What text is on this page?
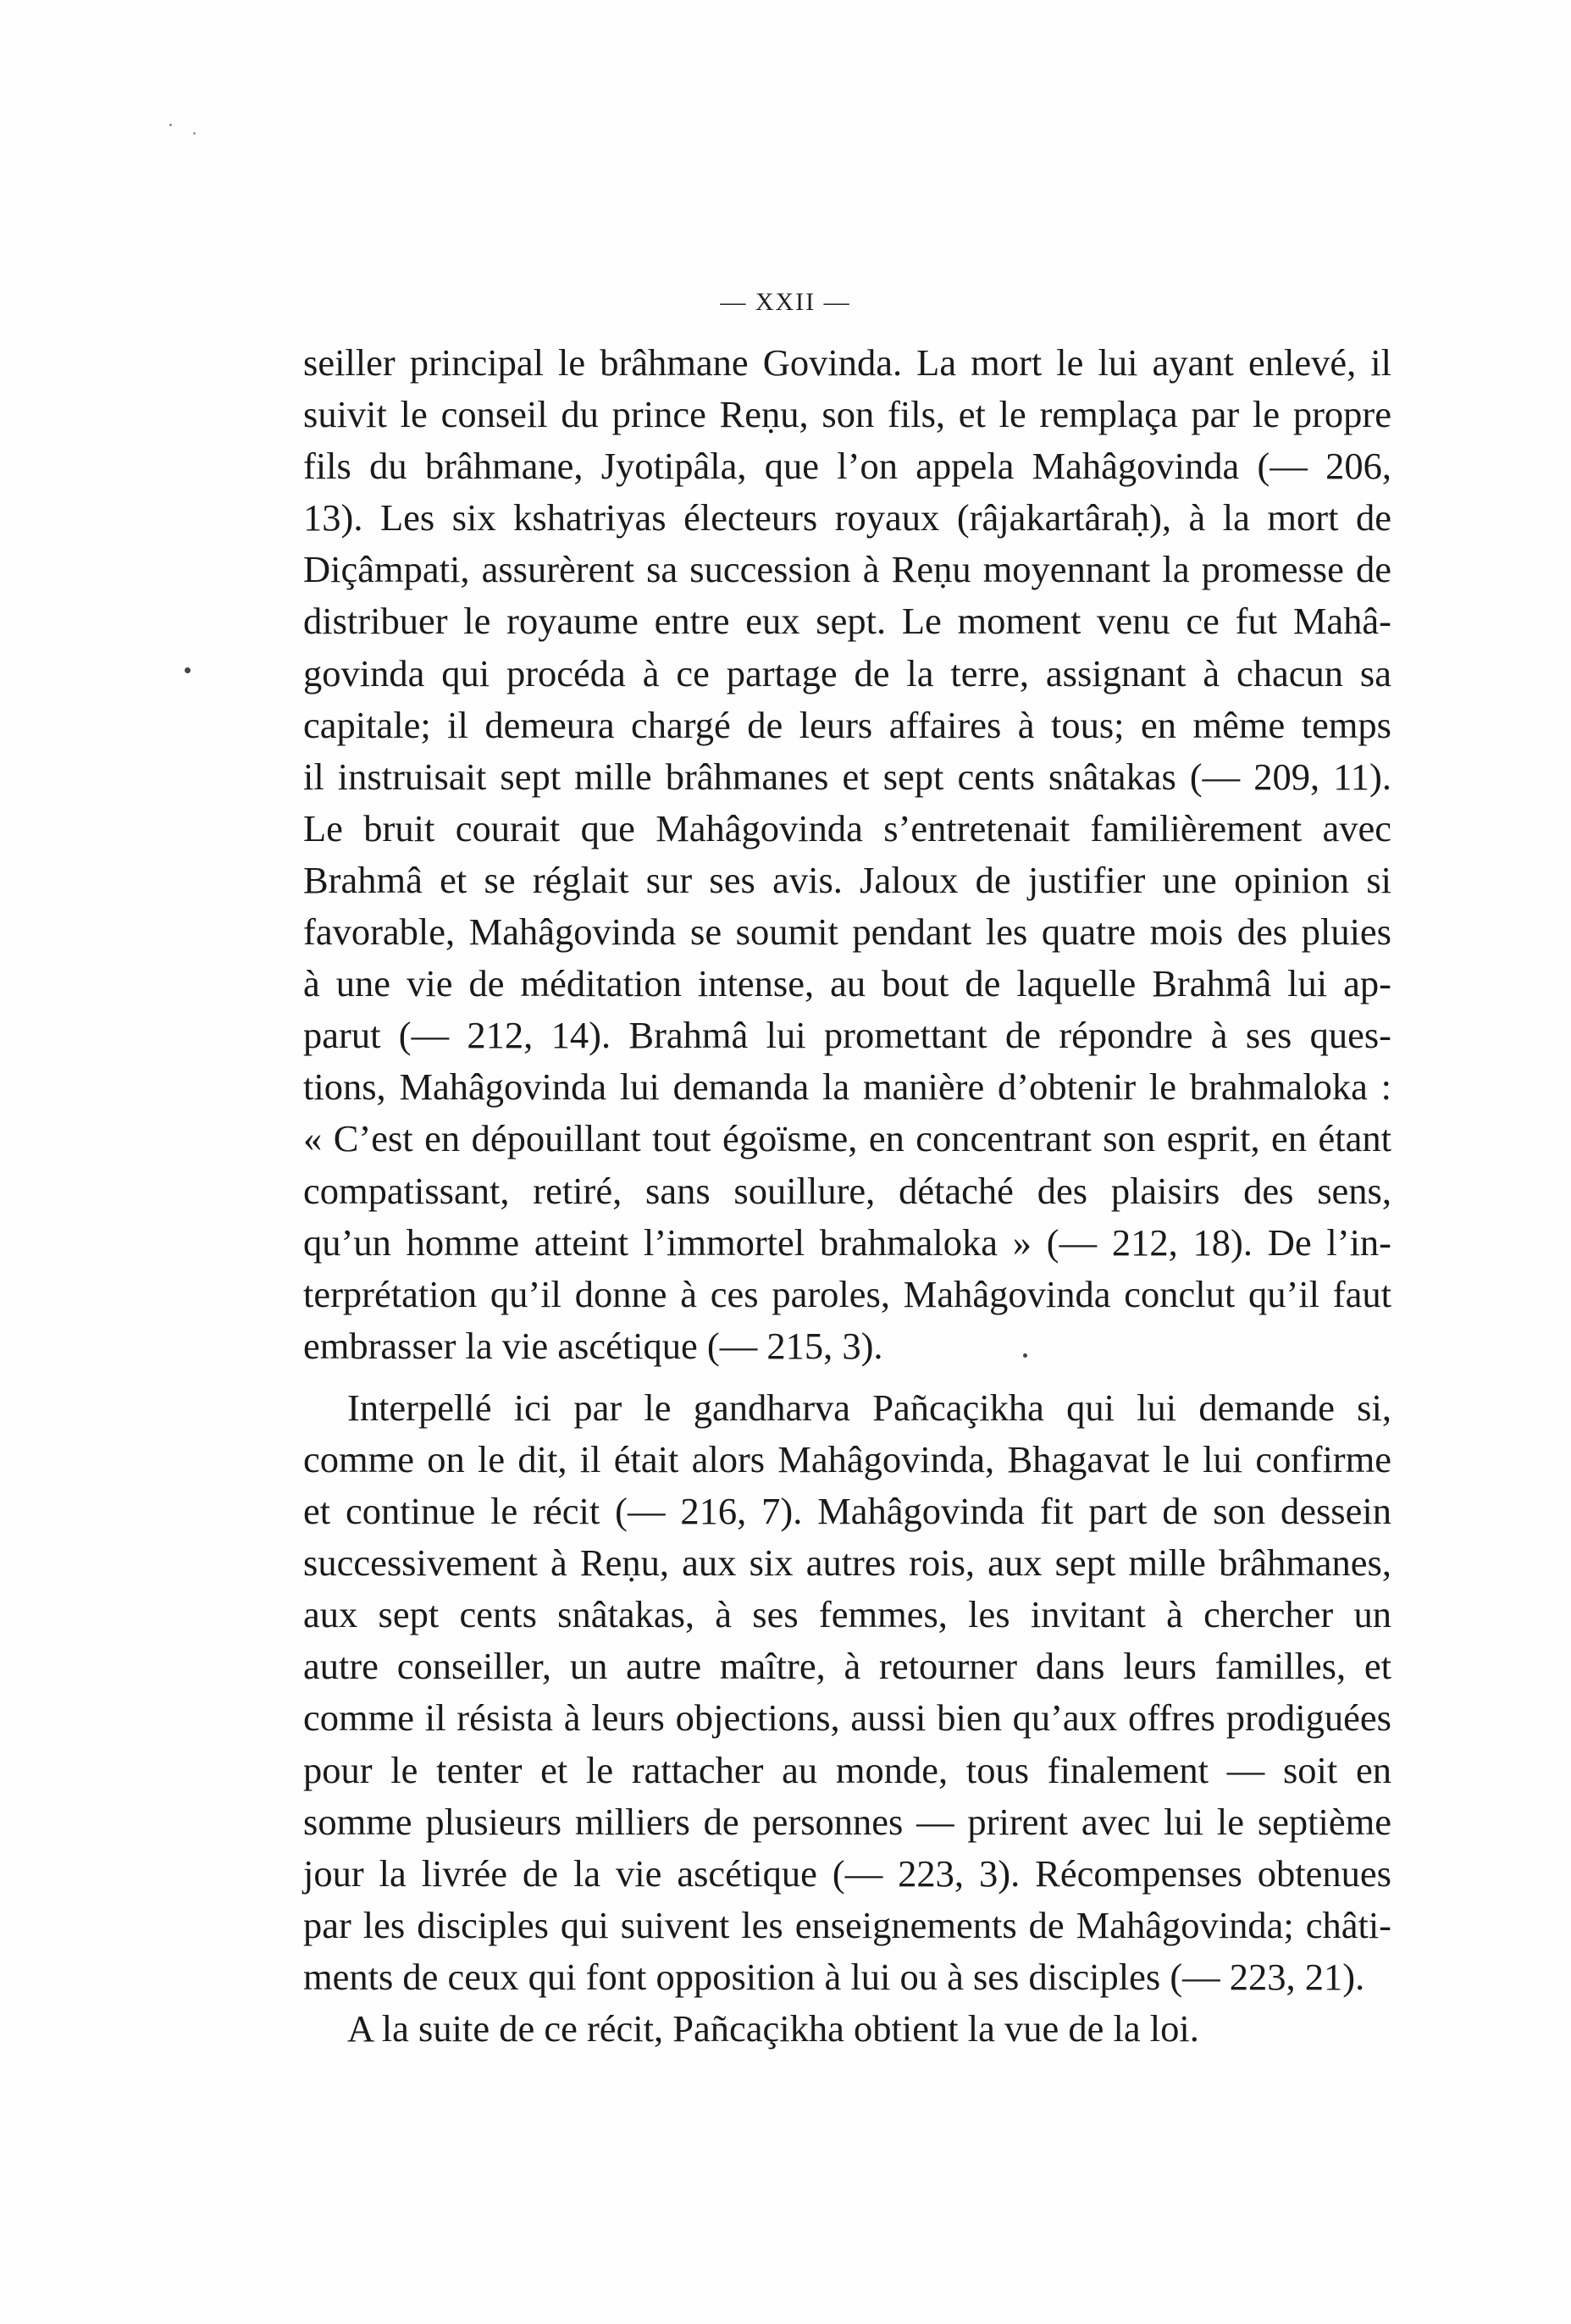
— XXII —
seiller principal le brâhmane Govinda. La mort le lui ayant enlevé, il
suivit le conseil du prince Reṇu, son fils, et le remplaça par le propre
fils du brâhmane, Jyotipâla, que l’on appela Mahâgovinda (— 206,
13). Les six kshatriyas électeurs royaux (râjakartâraḥ), à la mort de
Diçâmpati, assurèrent sa succession à Reṇu moyennant la promesse de
distribuer le royaume entre eux sept. Le moment venu ce fut Mahâ-
govinda qui procéda à ce partage de la terre, assignant à chacun sa
capitale; il demeura chargé de leurs affaires à tous; en même temps
il instruisait sept mille brâhmanes et sept cents snâtakas (— 209, 11).
Le bruit courait que Mahâgovinda s’entretenait familièrement avec
Brahmâ et se réglait sur ses avis. Jaloux de justifier une opinion si
favorable, Mahâgovinda se soumit pendant les quatre mois des pluies
à une vie de méditation intense, au bout de laquelle Brahmâ lui ap-
parut (— 212, 14). Brahmâ lui promettant de répondre à ses ques-
tions, Mahâgovinda lui demanda la manière d’obtenir le brahmaloka :
« C’est en dépouillant tout égoïsme, en concentrant son esprit, en étant
compatissant, retiré, sans souillure, détaché des plaisirs des sens,
qu’un homme atteint l’immortel brahmaloka » (— 212, 18). De l’in-
terprétation qu’il donne à ces paroles, Mahâgovinda conclut qu’il faut
embrasser la vie ascétique (— 215, 3).
Interpellé ici par le gandharva Pañcaçikha qui lui demande si,
comme on le dit, il était alors Mahâgovinda, Bhagavat le lui confirme
et continue le récit (— 216, 7). Mahâgovinda fit part de son dessein
successivement à Reṇu, aux six autres rois, aux sept mille brâhmanes,
aux sept cents snâtakas, à ses femmes, les invitant à chercher un
autre conseiller, un autre maître, à retourner dans leurs familles, et
comme il résista à leurs objections, aussi bien qu’aux offres prodiguées
pour le tenter et le rattacher au monde, tous finalement — soit en
somme plusieurs milliers de personnes — prirent avec lui le septième
jour la livrée de la vie ascétique (— 223, 3). Récompenses obtenues
par les disciples qui suivent les enseignements de Mahâgovinda; châti-
ments de ceux qui font opposition à lui ou à ses disciples (— 223, 21).
A la suite de ce récit, Pañcaçikha obtient la vue de la loi.
